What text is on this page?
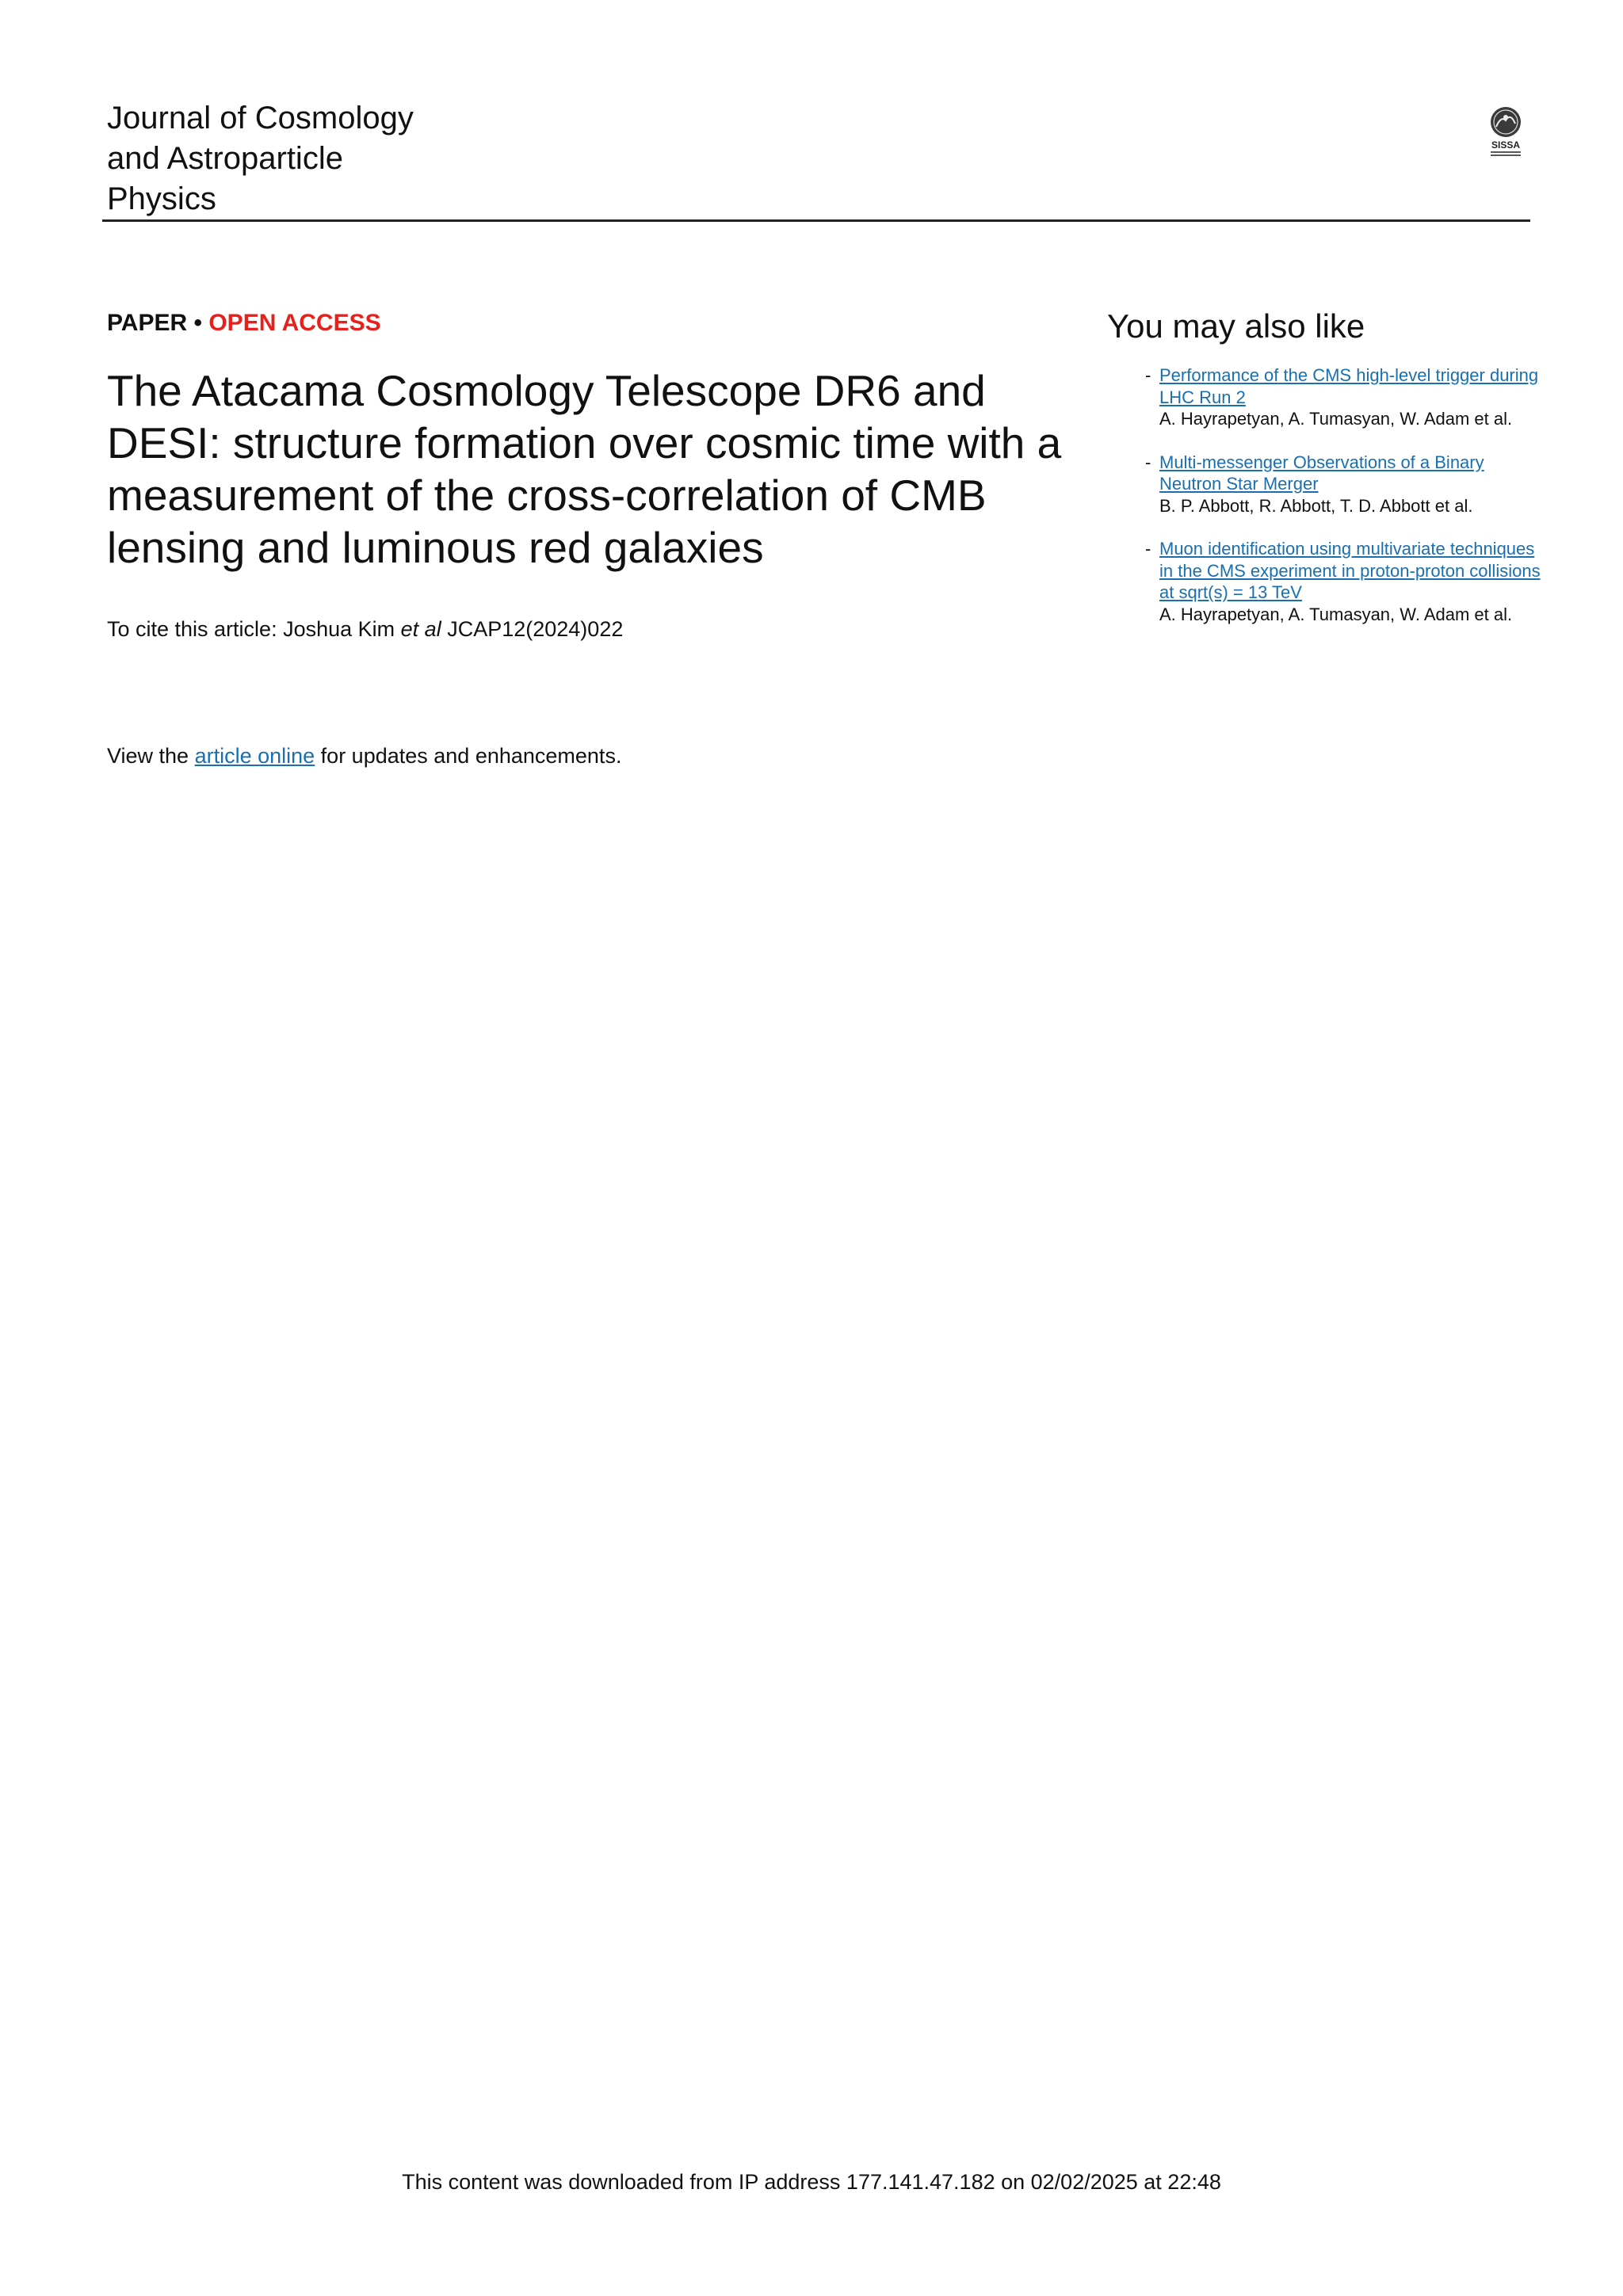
Journal of Cosmology
and Astroparticle
Physics
SISSA
PAPER • OPEN ACCESS
The Atacama Cosmology Telescope DR6 and DESI: structure formation over cosmic time with a measurement of the cross-correlation of CMB lensing and luminous red galaxies
To cite this article: Joshua Kim et al JCAP12(2024)022
View the article online for updates and enhancements.
You may also like
- Performance of the CMS high-level trigger during LHC Run 2
A. Hayrapetyan, A. Tumasyan, W. Adam et al.
- Multi-messenger Observations of a Binary Neutron Star Merger
B. P. Abbott, R. Abbott, T. D. Abbott et al.
- Muon identification using multivariate techniques in the CMS experiment in proton-proton collisions at sqrt(s) = 13 TeV
A. Hayrapetyan, A. Tumasyan, W. Adam et al.
This content was downloaded from IP address 177.141.47.182 on 02/02/2025 at 22:48
